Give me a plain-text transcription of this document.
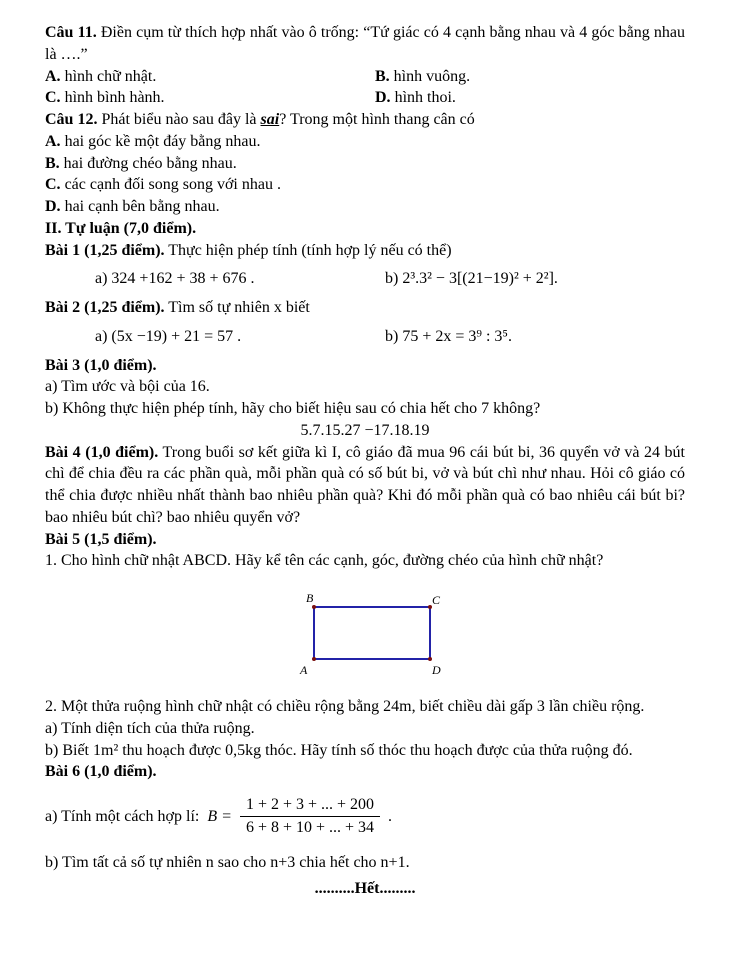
Câu 11. Điền cụm từ thích hợp nhất vào ô trống: “Tứ giác có 4 cạnh bằng nhau và 4 góc bằng nhau là ….”

A. hình chữ nhật.	B. hình vuông.

C. hình bình hành.	D. hình thoi.

Câu 12. Phát biểu nào sau đây là sai? Trong một hình thang cân có

A. hai góc kề một đáy bằng nhau.

B. hai đường chéo bằng nhau.

C. các cạnh đối song song với nhau .

D. hai cạnh bên bằng nhau.

II. Tự luận (7,0 điểm).

Bài 1 (1,25 điểm). Thực hiện phép tính (tính hợp lý nếu có thể)

a) 324 +162 + 38 + 676 .	b) 2³.3² − 3[(21−19)² + 2²].

Bài 2 (1,25 điểm). Tìm số tự nhiên x biết

a) (5x −19) + 21 = 57 .	b) 75 + 2x = 3⁹ : 3⁵.

Bài 3 (1,0 điểm).

a) Tìm ước và bội của 16.

b) Không thực hiện phép tính, hãy cho biết hiệu sau có chia hết cho 7 không?

5.7.15.27 −17.18.19

Bài 4 (1,0 điểm). Trong buổi sơ kết giữa kì I, cô giáo đã mua 96 cái bút bi, 36 quyển vở và 24 bút chì để chia đều ra các phần quà, mỗi phần quà có số bút bi, vở và bút chì như nhau. Hỏi cô giáo có thể chia được nhiều nhất thành bao nhiêu phần quà? Khi đó mỗi phần quà có bao nhiêu cái bút bi? bao nhiêu bút chì? bao nhiêu quyển vở?

Bài 5 (1,5 điểm).

1. Cho hình chữ nhật ABCD. Hãy kể tên các cạnh, góc, đường chéo của hình chữ nhật?

B	C
A	D

2. Một thửa ruộng hình chữ nhật có chiều rộng bằng 24m, biết chiều dài gấp 3 lần chiều rộng.

a) Tính diện tích của thửa ruộng.

b) Biết 1m² thu hoạch được 0,5kg thóc. Hãy tính số thóc thu hoạch được của thửa ruộng đó.

Bài 6 (1,0 điểm).

a) Tính một cách hợp lí: $B = \frac{1 + 2 + 3 + ... + 200}{6 + 8 + 10 + ... + 34}$ .

b) Tìm tất cả số tự nhiên n sao cho n+3 chia hết cho n+1.

..........Hết.........
